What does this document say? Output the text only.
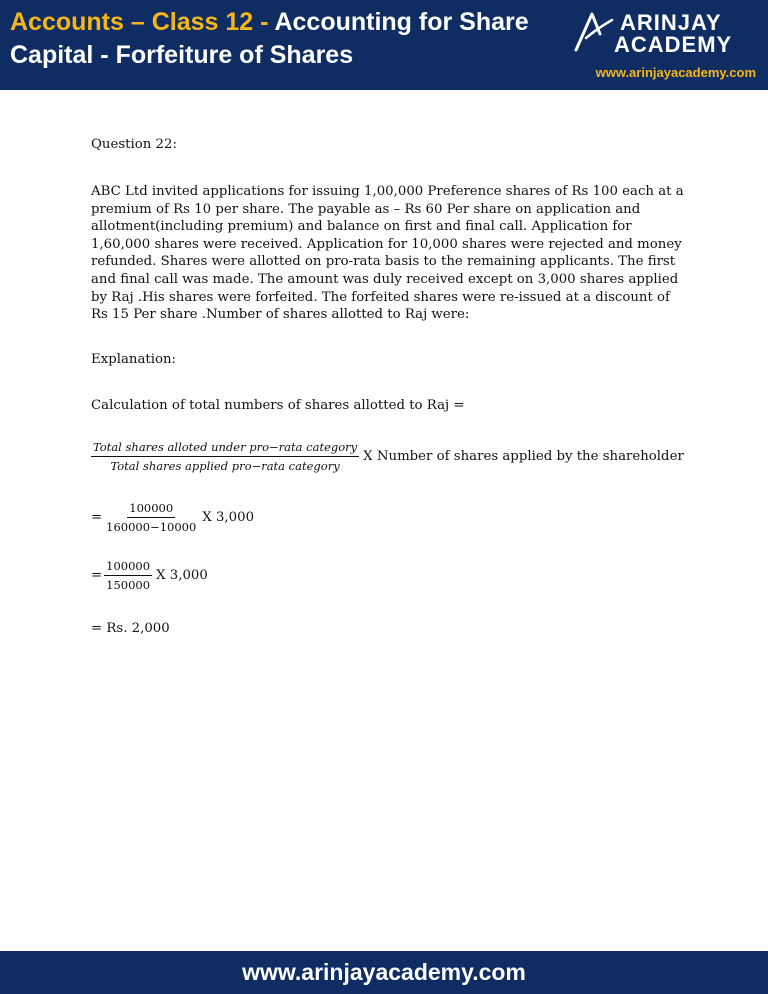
Accounts – Class 12 - Accounting for Share Capital - Forfeiture of Shares
ARINJAY
ACADEMY
www.arinjayacademy.com
Question 22:
ABC Ltd invited applications for issuing 1,00,000 Preference shares of Rs 100 each at a premium of Rs 10 per share. The payable as – Rs 60 Per share on application and allotment(including premium) and balance on first and final call. Application for 1,60,000 shares were received. Application for 10,000 shares were rejected and money refunded. Shares were allotted on pro-rata basis to the remaining applicants. The first and final call was made. The amount was duly received except on 3,000 shares applied by Raj .His shares were forfeited. The forfeited shares were re-issued at a discount of Rs 15 Per share .Number of shares allotted to Raj were:
Explanation:
Calculation of total numbers of shares allotted to Raj =
$\frac{\text{Total shares alloted under pro−rata category}}{\text{Total shares applied pro−rata category}}$ X Number of shares applied by the shareholder
= $\frac{100000}{160000-10000}$ X 3,000
= $\frac{100000}{150000}$ X 3,000
= Rs. 2,000
www.arinjayacademy.com
